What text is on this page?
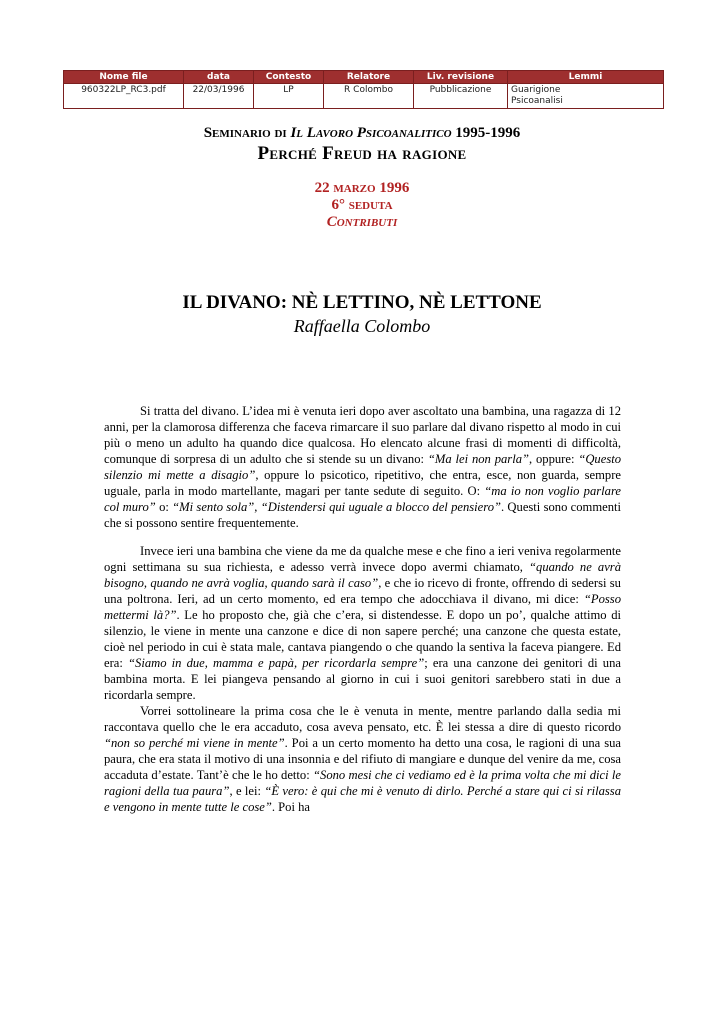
Nome file	data	Contesto	Relatore	Liv. revisione	Lemmi
960322LP_RC3.pdf	22/03/1996	LP	R Colombo	Pubblicazione	Guarigione
Psicoanalisi
Seminario di Il Lavoro Psicoanalitico 1995-1996
Perché Freud ha ragione
22 marzo 1996
6° seduta
Contributi
IL DIVANO: NÈ LETTINO, NÈ LETTONE
Raffaella Colombo

Si tratta del divano. L’idea mi è venuta ieri dopo aver ascoltato una bambina, una ragazza di 12 anni, per la clamorosa differenza che faceva rimarcare il suo parlare dal divano rispetto al modo in cui più o meno un adulto ha quando dice qualcosa. Ho elencato alcune frasi di momenti di difficoltà, comunque di sorpresa di un adulto che si stende su un divano: “Ma lei non parla”, oppure: “Questo silenzio mi mette a disagio”, oppure lo psicotico, ripetitivo, che entra, esce, non guarda, sempre uguale, parla in modo martellante, magari per tante sedute di seguito. O: “ma io non voglio parlare col muro” o: “Mi sento sola”, “Distendersi qui uguale a blocco del pensiero”. Questi sono commenti che si possono sentire frequentemente.

Invece ieri una bambina che viene da me da qualche mese e che fino a ieri veniva regolarmente ogni settimana su sua richiesta, e adesso verrà invece dopo avermi chiamato, “quando ne avrà bisogno, quando ne avrà voglia, quando sarà il caso”, e che io ricevo di fronte, offrendo di sedersi su una poltrona. Ieri, ad un certo momento, ed era tempo che adocchiava il divano, mi dice: “Posso mettermi là?”. Le ho proposto che, già che c’era, si distendesse. E dopo un po’, qualche attimo di silenzio, le viene in mente una canzone e dice di non sapere perché; una canzone che questa estate, cioè nel periodo in cui è stata male, cantava piangendo o che quando la sentiva la faceva piangere. Ed era: “Siamo in due, mamma e papà, per ricordarla sempre”; era una canzone dei genitori di una bambina morta. E lei piangeva pensando al giorno in cui i suoi genitori sarebbero stati in due a ricordarla sempre.

Vorrei sottolineare la prima cosa che le è venuta in mente, mentre parlando dalla sedia mi raccontava quello che le era accaduto, cosa aveva pensato, etc. È lei stessa a dire di questo ricordo “non so perché mi viene in mente”. Poi a un certo momento ha detto una cosa, le ragioni di una sua paura, che era stata il motivo di una insonnia e del rifiuto di mangiare e dunque del venire da me, cosa accaduta d’estate. Tant’è che le ho detto: “Sono mesi che ci vediamo ed è la prima volta che mi dici le ragioni della tua paura”, e lei: “È vero: è qui che mi è venuto di dirlo. Perché a stare qui ci si rilassa e vengono in mente tutte le cose”. Poi ha
